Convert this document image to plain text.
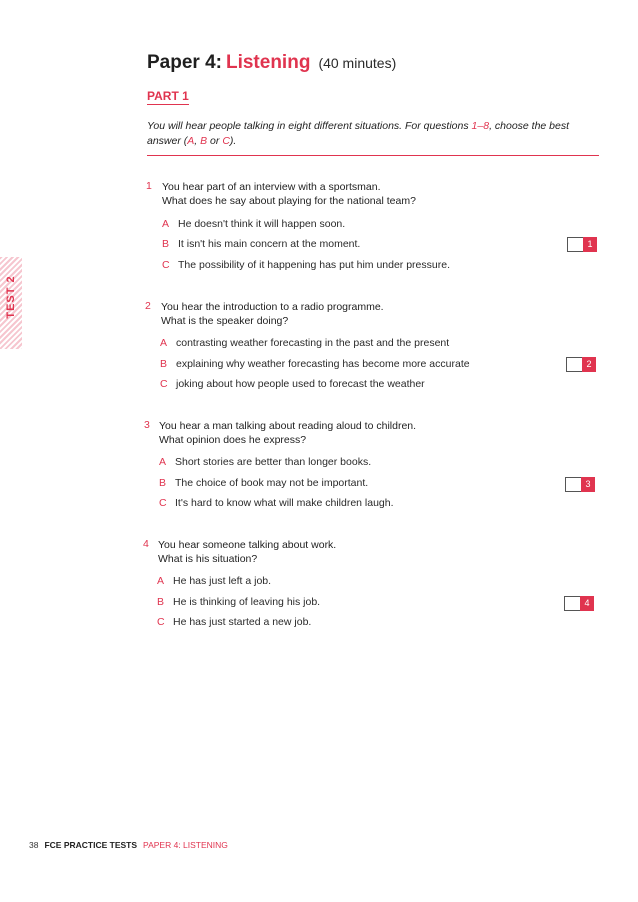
Paper 4: Listening (40 minutes)
PART 1
You will hear people talking in eight different situations. For questions 1–8, choose the best answer (A, B or C).
TEST 2
1 You hear part of an interview with a sportsman.
What does he say about playing for the national team?
A He doesn't think it will happen soon.
B It isn't his main concern at the moment.
C The possibility of it happening has put him under pressure.
1
2 You hear the introduction to a radio programme.
What is the speaker doing?
A contrasting weather forecasting in the past and the present
B explaining why weather forecasting has become more accurate
C joking about how people used to forecast the weather
2
3 You hear a man talking about reading aloud to children.
What opinion does he express?
A Short stories are better than longer books.
B The choice of book may not be important.
C It's hard to know what will make children laugh.
3
4 You hear someone talking about work.
What is his situation?
A He has just left a job.
B He is thinking of leaving his job.
C He has just started a new job.
4
38 FCE PRACTICE TESTS PAPER 4: LISTENING
